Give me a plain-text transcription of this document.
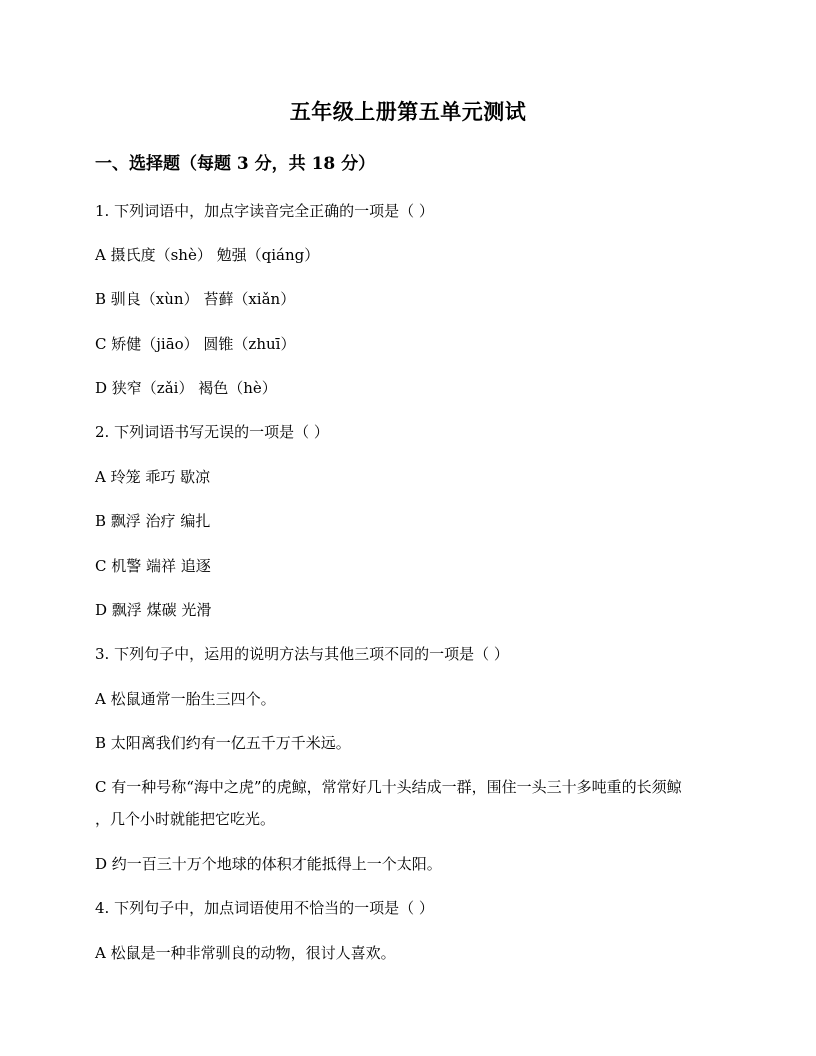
五年级上册第五单元测试
一、选择题（每题 3 分，共 18 分）
1. 下列词语中，加点字读音完全正确的一项是（ ）
A 摄氏度（shè） 勉强（qiáng）
B 驯良（xùn） 苔藓（xiǎn）
C 矫健（jiāo） 圆锥（zhuī）
D 狭窄（zǎi） 褐色（hè）
2. 下列词语书写无误的一项是（ ）
A 玲笼 乖巧 歇凉
B 飘浮 治疗 编扎
C 机警 端祥 追逐
D 飘浮 煤碳 光滑
3. 下列句子中，运用的说明方法与其他三项不同的一项是（ ）
A 松鼠通常一胎生三四个。
B 太阳离我们约有一亿五千万千米远。
C 有一种号称“海中之虎”的虎鲸，常常好几十头结成一群，围住一头三十多吨重的长须鲸
，几个小时就能把它吃光。
D 约一百三十万个地球的体积才能抵得上一个太阳。
4. 下列句子中，加点词语使用不恰当的一项是（ ）
A 松鼠是一种非常驯良的动物，很讨人喜欢。
